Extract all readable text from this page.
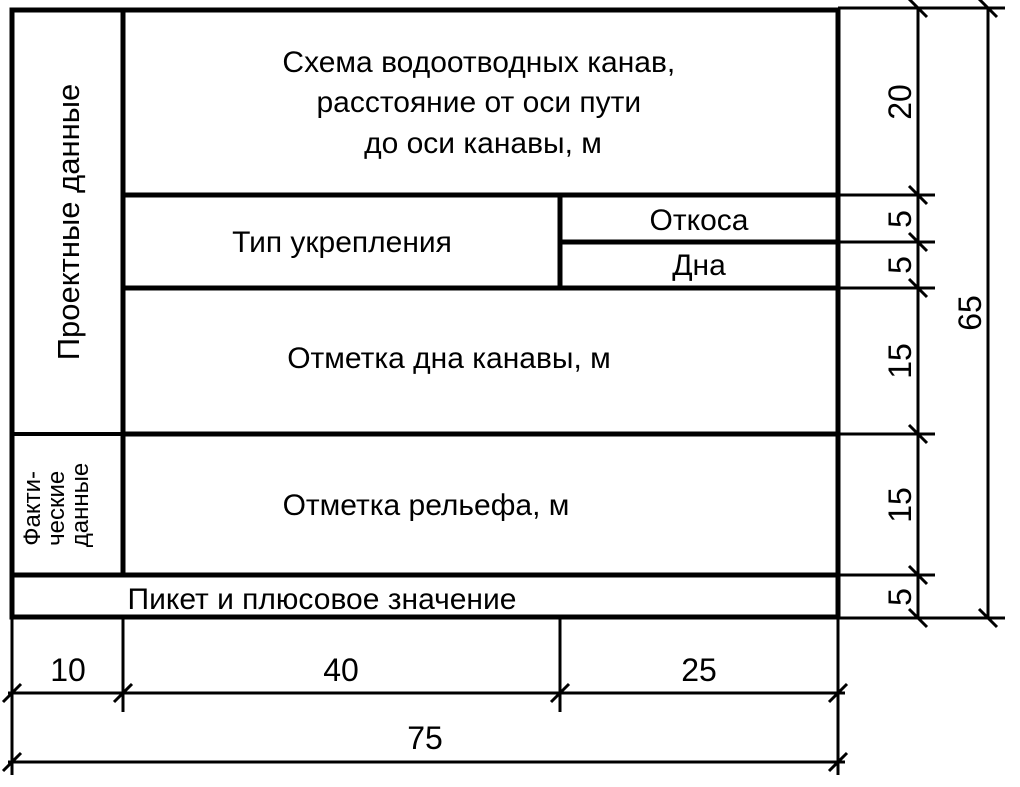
Проектные данные
Факти- ческие данные
Схема водоотводных канав, расстояние от оси пути до оси канавы, м
Тип укрепления
Откоса
Дна
Отметка дна канавы, м
Отметка рельефа, м
Пикет и плюсовое значение
20
5
5
15
15
5
65
10	40	25
75
